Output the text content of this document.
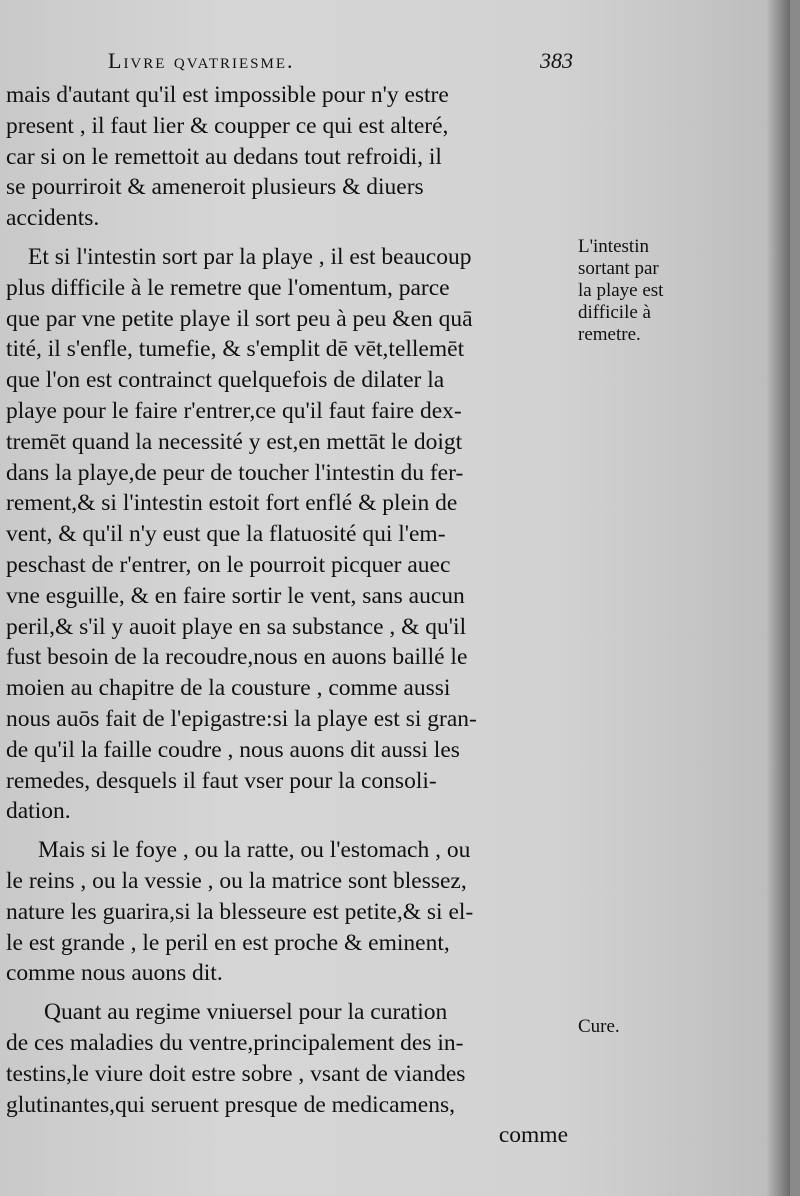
Livre qvatriesme.	383
mais d'autant qu'il est impossible pour n'y estre
present , il faut lier & coupper ce qui est alteré,
car si on le remettoit au dedans tout refroidi, il
se pourriroit & ameneroit plusieurs & diuers
accidents.
Et si l'intestin sort par la playe , il est beaucoup
plus difficile à le remetre que l'omentum, parce
que par vne petite playe il sort peu à peu &en quā
tité, il s'enfle, tumefie, & s'emplit dē vēt,tellemēt
que l'on est contrainct quelquefois de dilater la
playe pour le faire r'entrer,ce qu'il faut faire dex-
tremēt quand la necessité y est,en mettāt le doigt
dans la playe,de peur de toucher l'intestin du fer-
rement,& si l'intestin estoit fort enflé & plein de
vent, & qu'il n'y eust que la flatuosité qui l'em-
peschast de r'entrer, on le pourroit picquer auec
vne esguille, & en faire sortir le vent, sans aucun
peril,& s'il y auoit playe en sa substance , & qu'il
fust besoin de la recoudre,nous en auons baillé le
moien au chapitre de la cousture , comme aussi
nous auōs fait de l'epigastre:si la playe est si gran-
de qu'il la faille coudre , nous auons dit aussi les
remedes, desquels il faut vser pour la consoli-
dation.
Mais si le foye , ou la ratte, ou l'estomach , ou
le reins , ou la vessie , ou la matrice sont blessez,
nature les guarira,si la blesseure est petite,& si el-
le est grande , le peril en est proche & eminent,
comme nous auons dit.
Quant au regime vniuersel pour la curation
de ces maladies du ventre,principalement des in-
testins,le viure doit estre sobre , vsant de viandes
glutinantes,qui seruent presque de medicamens,
comme
L'intestin
sortant par
la playe est
difficile à
remetre.
Cure.
